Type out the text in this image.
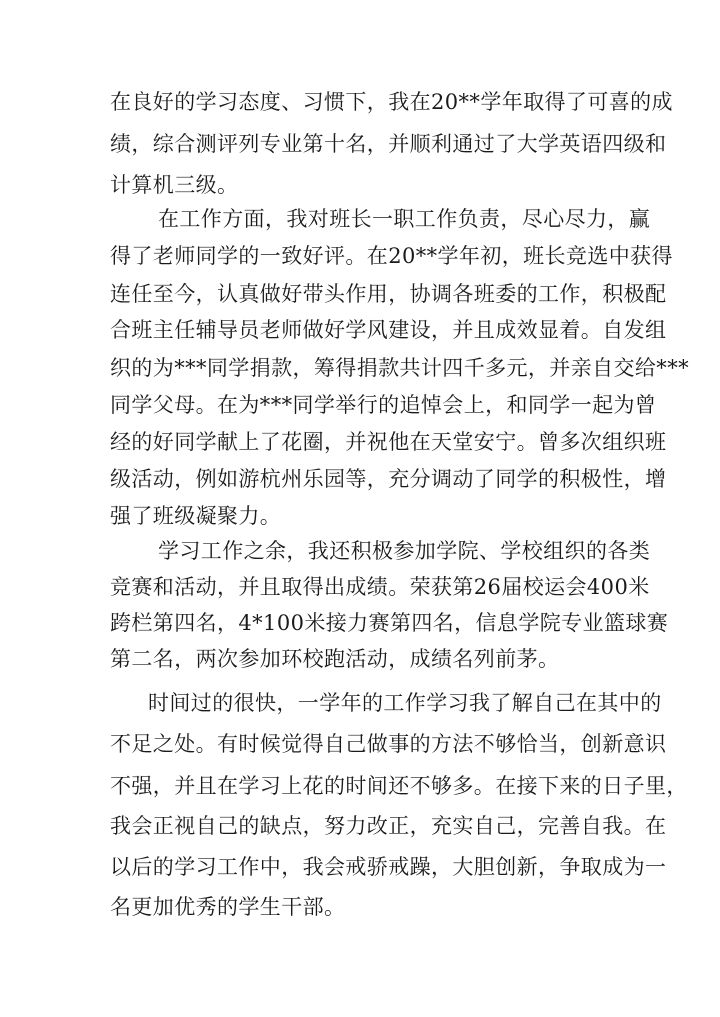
在良好的学习态度、习惯下，我在20**学年取得了可喜的成
绩，综合测评列专业第十名，并顺利通过了大学英语四级和
计算机三级。
在工作方面，我对班长一职工作负责，尽心尽力，赢
得了老师同学的一致好评。在20**学年初，班长竞选中获得
连任至今，认真做好带头作用，协调各班委的工作，积极配
合班主任辅导员老师做好学风建设，并且成效显着。自发组
织的为***同学捐款，筹得捐款共计四千多元，并亲自交给***
同学父母。在为***同学举行的追悼会上，和同学一起为曾
经的好同学献上了花圈，并祝他在天堂安宁。曾多次组织班
级活动，例如游杭州乐园等，充分调动了同学的积极性，增
强了班级凝聚力。
学习工作之余，我还积极参加学院、学校组织的各类
竞赛和活动，并且取得出成绩。荣获第26届校运会400米
跨栏第四名，4*100米接力赛第四名，信息学院专业篮球赛
第二名，两次参加环校跑活动，成绩名列前茅。
时间过的很快，一学年的工作学习我了解自己在其中的
不足之处。有时候觉得自己做事的方法不够恰当，创新意识
不强，并且在学习上花的时间还不够多。在接下来的日子里，
我会正视自己的缺点，努力改正，充实自己，完善自我。在
以后的学习工作中，我会戒骄戒躁，大胆创新，争取成为一
名更加优秀的学生干部。
